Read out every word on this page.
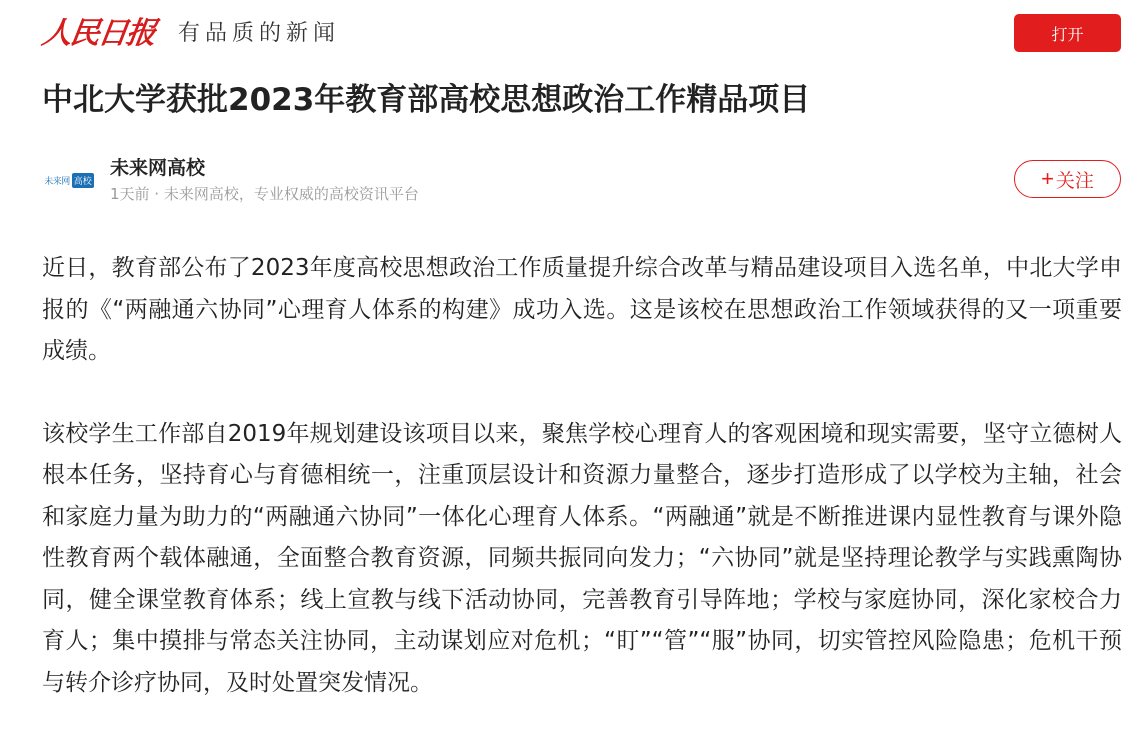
人民日报 有品质的新闻	打开
中北大学获批2023年教育部高校思想政治工作精品项目
未来网 高校
未来网高校
1天前 · 未来网高校，专业权威的高校资讯平台
+ 关注

近日，教育部公布了2023年度高校思想政治工作质量提升综合改革与精品建设项目入选名单，中北大学申报的《“两融通六协同”心理育人体系的构建》成功入选。这是该校在思想政治工作领域获得的又一项重要成绩。

该校学生工作部自2019年规划建设该项目以来，聚焦学校心理育人的客观困境和现实需要，坚守立德树人根本任务，坚持育心与育德相统一，注重顶层设计和资源力量整合，逐步打造形成了以学校为主轴，社会和家庭力量为助力的“两融通六协同”一体化心理育人体系。“两融通”就是不断推进课内显性教育与课外隐性教育两个载体融通，全面整合教育资源，同频共振同向发力；“六协同”就是坚持理论教学与实践熏陶协同，健全课堂教育体系；线上宣教与线下活动协同，完善教育引导阵地；学校与家庭协同，深化家校合力育人；集中摸排与常态关注协同，主动谋划应对危机；“盯”“管”“服”协同，切实管控风险隐患；危机干预与转介诊疗协同，及时处置突发情况。
